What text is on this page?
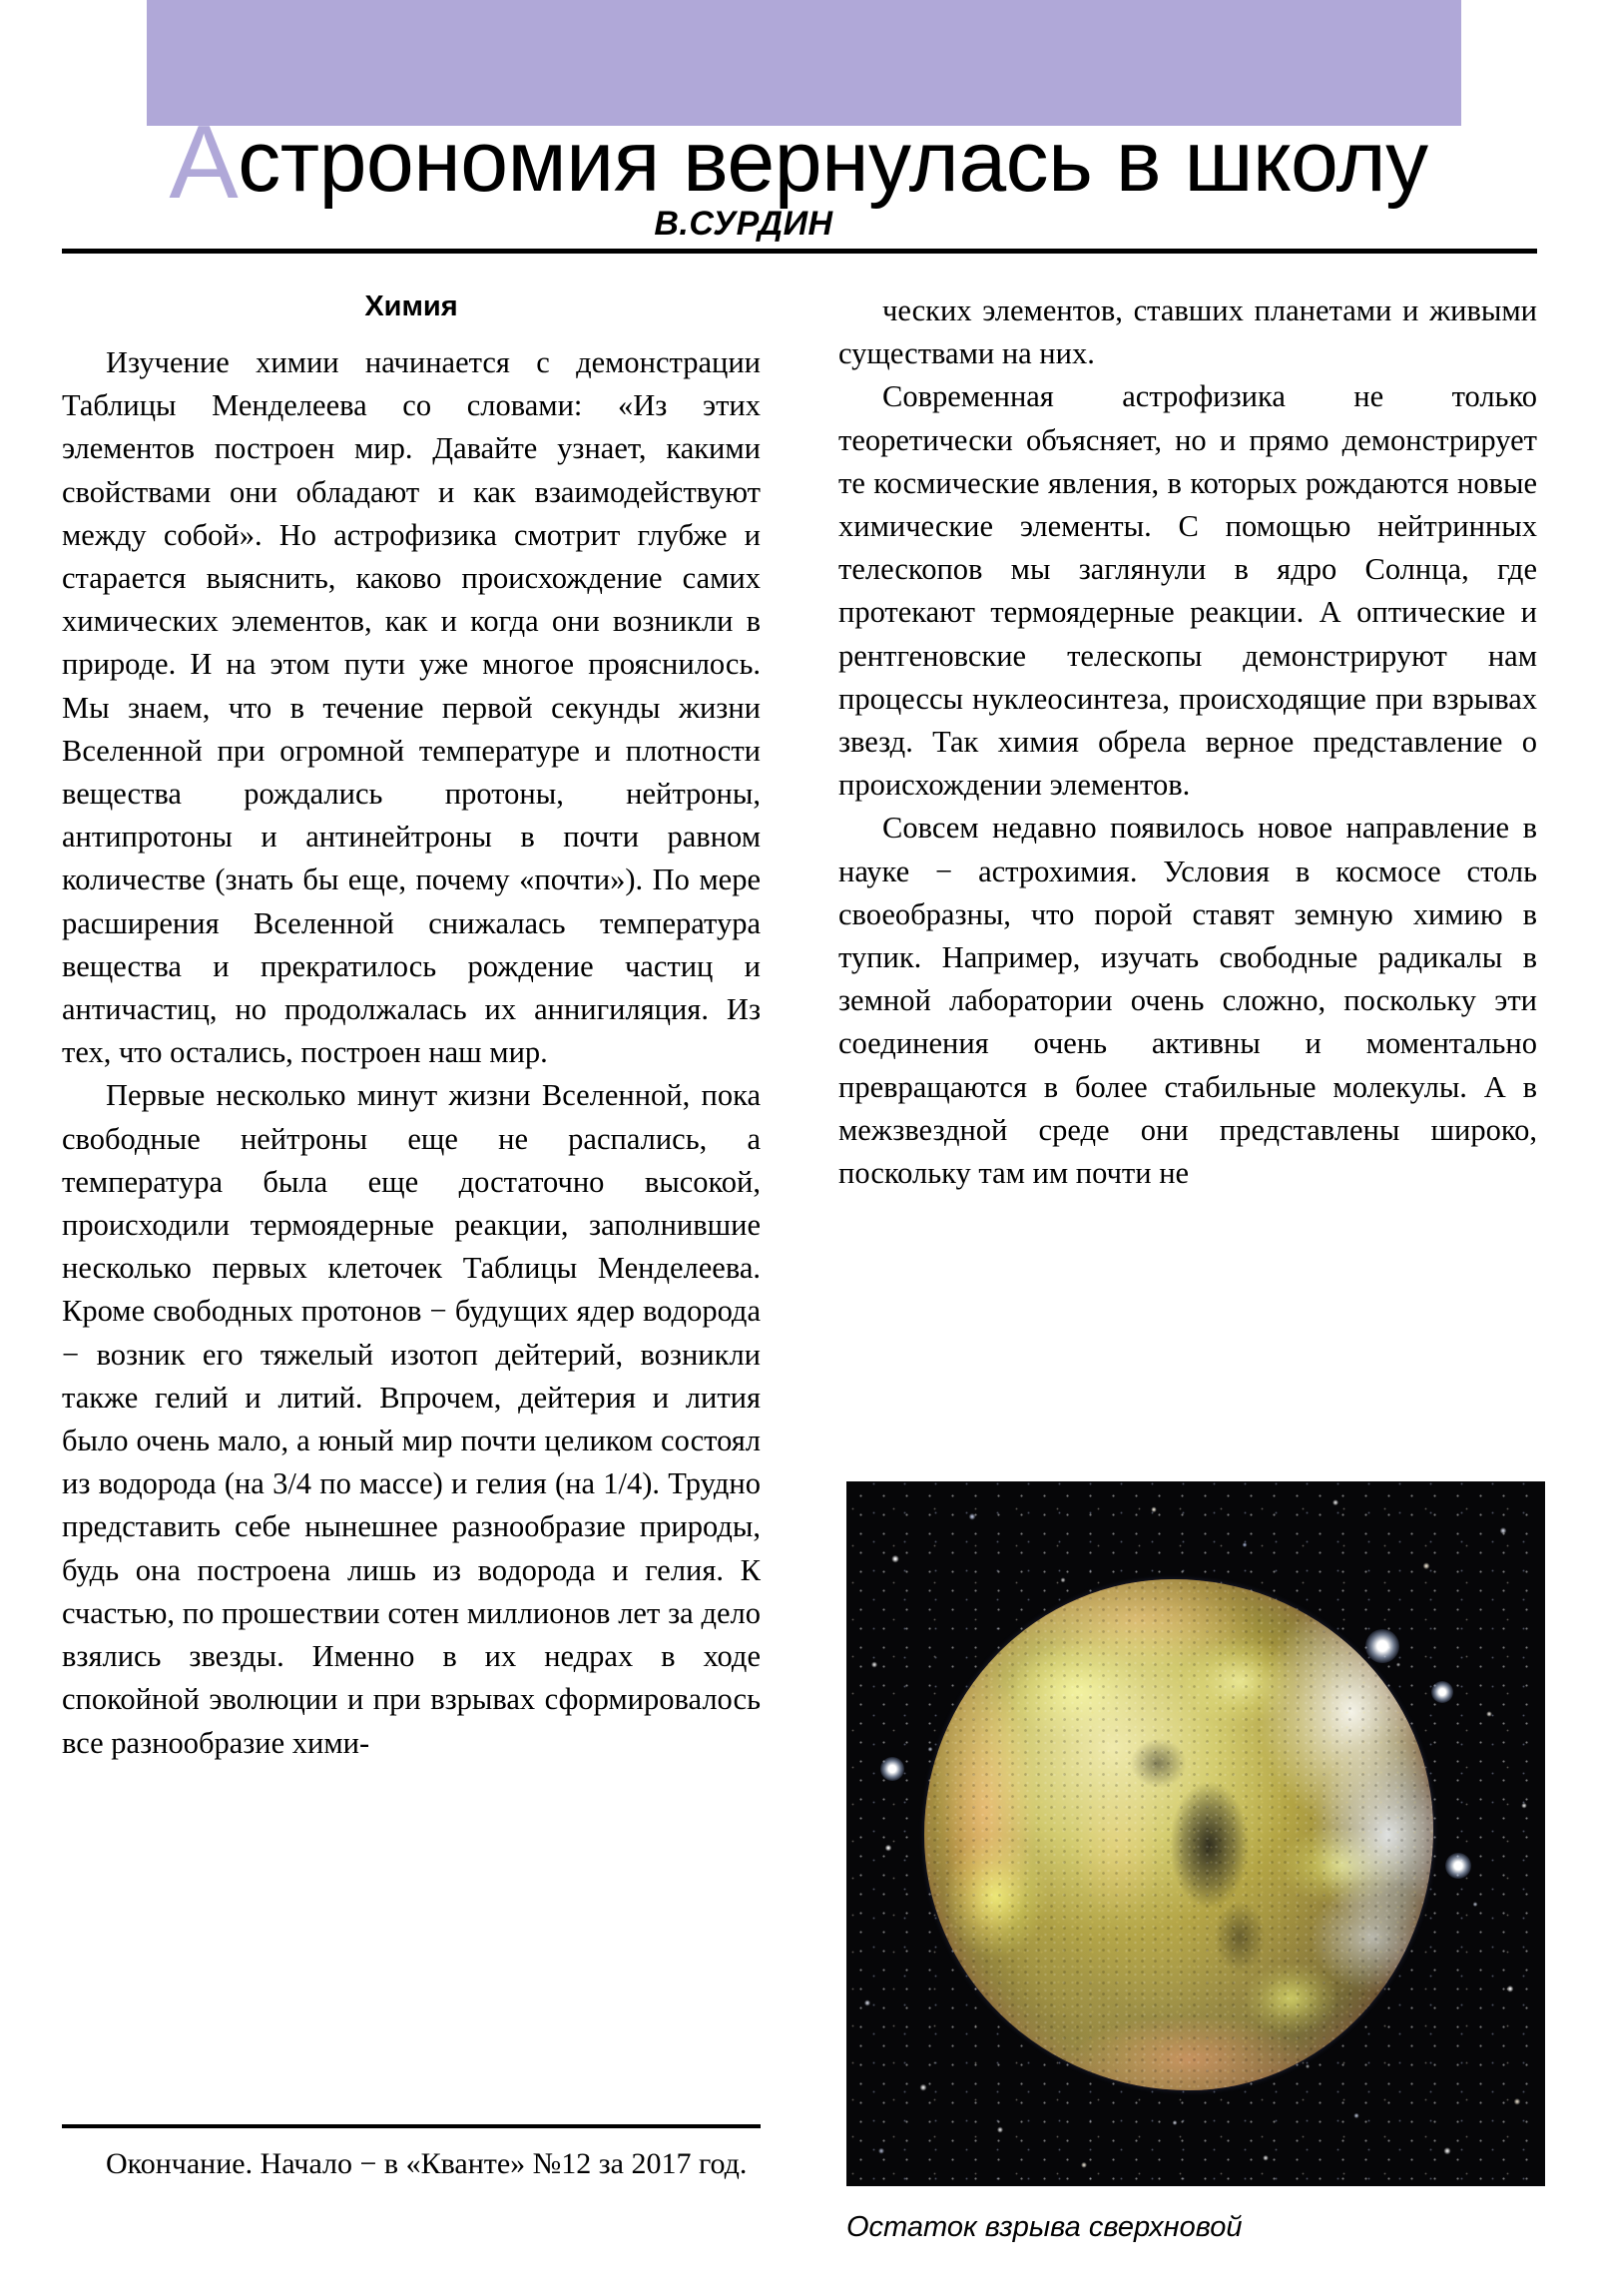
Астрономия вернулась в школу
В.СУРДИН
Химия

Изучение химии начинается с демонстрации Таблицы Менделеева со словами: «Из этих элементов построен мир. Давайте узнает, какими свойствами они обладают и как взаимодействуют между собой». Но астрофизика смотрит глубже и старается выяснить, каково происхождение самих химических элементов, как и когда они возникли в природе. И на этом пути уже многое прояснилось. Мы знаем, что в течение первой секунды жизни Вселенной при огромной температуре и плотности вещества рождались протоны, нейтроны, антипротоны и антинейтроны в почти равном количестве (знать бы еще, почему «почти»). По мере расширения Вселенной снижалась температура вещества и прекратилось рождение частиц и античастиц, но продолжалась их аннигиляция. Из тех, что остались, построен наш мир.

Первые несколько минут жизни Вселенной, пока свободные нейтроны еще не распались, а температура была еще достаточно высокой, происходили термоядерные реакции, заполнившие несколько первых клеточек Таблицы Менделеева. Кроме свободных протонов − будущих ядер водорода − возник его тяжелый изотоп дейтерий, возникли также гелий и литий. Впрочем, дейтерия и лития было очень мало, а юный мир почти целиком состоял из водорода (на 3/4 по массе) и гелия (на 1/4). Трудно представить себе нынешнее разнообразие природы, будь она построена лишь из водорода и гелия. К счастью, по прошествии сотен миллионов лет за дело взялись звезды. Именно в их недрах в ходе спокойной эволюции и при взрывах сформировалось все разнообразие хими-

ческих элементов, ставших планетами и живыми существами на них.

Современная астрофизика не только теоретически объясняет, но и прямо демонстрирует те космические явления, в которых рождаются новые химические элементы. С помощью нейтринных телескопов мы заглянули в ядро Солнца, где протекают термоядерные реакции. А оптические и рентгеновские телескопы демонстрируют нам процессы нуклеосинтеза, происходящие при взрывах звезд. Так химия обрела верное представление о происхождении элементов.

Совсем недавно появилось новое направление в науке − астрохимия. Условия в космосе столь своеобразны, что порой ставят земную химию в тупик. Например, изучать свободные радикалы в земной лаборатории очень сложно, поскольку эти соединения очень активны и моментально превращаются в более стабильные молекулы. А в межзвездной среде они представлены широко, поскольку там им почти не

Окончание. Начало − в «Кванте» №12 за 2017 год.

Остаток взрыва сверхновой
